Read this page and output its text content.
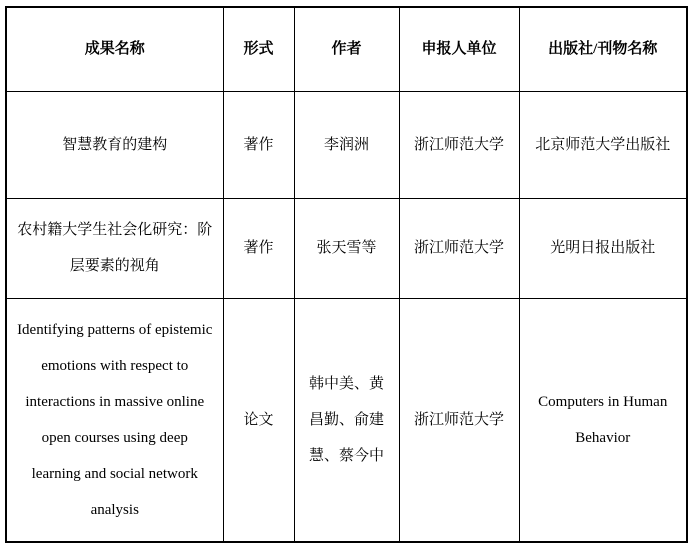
成果名称	形式	作者	申报人单位	出版社/刊物名称
智慧教育的建构	著作	李润洲	浙江师范大学	北京师范大学出版社
农村籍大学生社会化研究：阶层要素的视角	著作	张天雪等	浙江师范大学	光明日报出版社
Identifying patterns of epistemic emotions with respect to interactions in massive online open courses using deep learning and social network analysis	论文	韩中美、黄昌勤、俞建慧、蔡今中	浙江师范大学	Computers in Human Behavior
